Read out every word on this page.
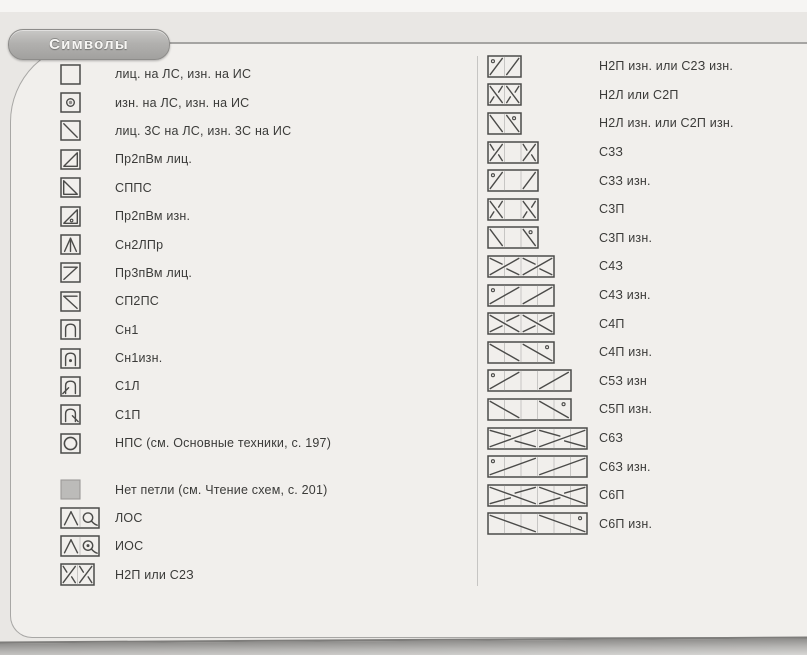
Символы
лиц. на ЛС, изн. на ИС
изн. на ЛС, изн. на ИС
лиц. 3С на ЛС, изн. 3С на ИС
Пр2пВм лиц.
СППС
Пр2пВм изн.
Сн2ЛПр
Пр3пВм лиц.
СП2ПС
Сн1
Сн1изн.
С1Л
С1П
НПС (см. Основные техники, с. 197)
Нет петли (см. Чтение схем, с. 201)
ЛОС
ИОС
Н2П или С2З
Н2П изн. или С2З изн.
Н2Л или С2П
Н2Л изн. или С2П изн.
С3З
С3З изн.
С3П
С3П изн.
С4З
С4З изн.
С4П
С4П изн.
С5З изн
С5П изн.
С6З
С6З изн.
С6П
С6П изн.
